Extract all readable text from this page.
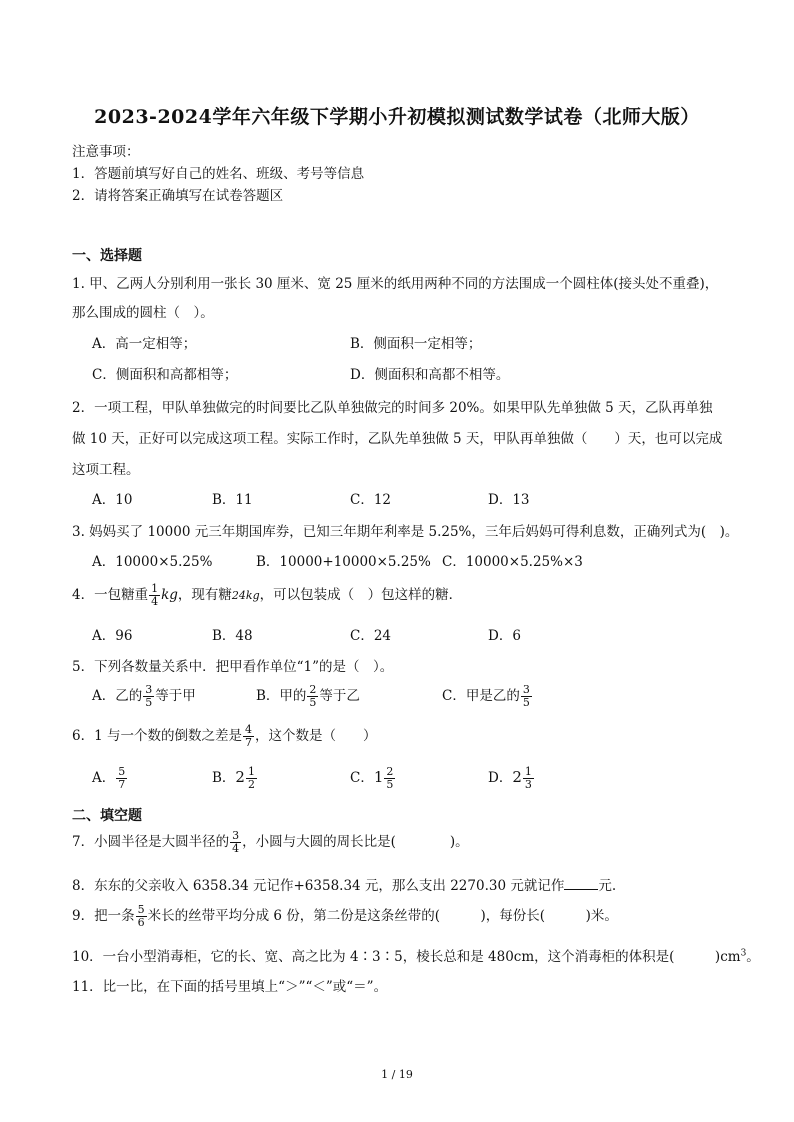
2023-2024学年六年级下学期小升初模拟测试数学试卷（北师大版）
注意事项：
1．答题前填写好自己的姓名、班级、考号等信息
2．请将答案正确填写在试卷答题区
一、选择题
1. 甲、乙两人分别利用一张长 30 厘米、宽 25 厘米的纸用两种不同的方法围成一个圆柱体(接头处不重叠)，
那么围成的圆柱（　）。
A．高一定相等；	B．侧面积一定相等；
C．侧面积和高都相等；	D．侧面积和高都不相等。
2．一项工程，甲队单独做完的时间要比乙队单独做完的时间多 20%。如果甲队先单独做 5 天，乙队再单独
做 10 天，正好可以完成这项工程。实际工作时，乙队先单独做 5 天，甲队再单独做（　　）天，也可以完成
这项工程。
A．10	B．11	C．12	D．13
3. 妈妈买了 10000 元三年期国库券，已知三年期年利率是 5.25%，三年后妈妈可得利息数，正确列式为(　)。
A．10000×5.25%	B．10000+10000×5.25% C．10000×5.25%×3
4．一包糖重 $\frac{1}{4}$ kg，现有糖24kg，可以包装成（　）包这样的糖．
A．96	B．48	C．24	D．6
5．下列各数量关系中．把甲看作单位“1”的是（　）。
A．乙的 $\frac{3}{5}$ 等于甲	B．甲的 $\frac{2}{5}$ 等于乙	C．甲是乙的 $\frac{3}{5}$
6．1 与一个数的倒数之差是 $\frac{4}{7}$ ，这个数是（　　）
A． $\frac{5}{7}$	B．$2 \frac{1}{2}$	C．$1 \frac{2}{5}$	D．$2 \frac{1}{3}$
二、填空题
7．小圆半径是大圆半径的 $\frac{3}{4}$ ，小圆与大圆的周长比是(　　　　)。
8．东东的父亲收入 6358.34 元记作+6358.34 元，那么支出 2270.30 元就记作	元.
9．把一条 $\frac{5}{6}$ 米长的丝带平均分成 6 份，第二份是这条丝带的(　　　)，每份长(　　　)米。
10．一台小型消毒柜，它的长、宽、高之比为 4∶3∶5，棱长总和是 480cm，这个消毒柜的体积是(　　　)$cm^3$。
11．比一比，在下面的括号里填上“＞”“＜”或“＝”。
1 / 19
